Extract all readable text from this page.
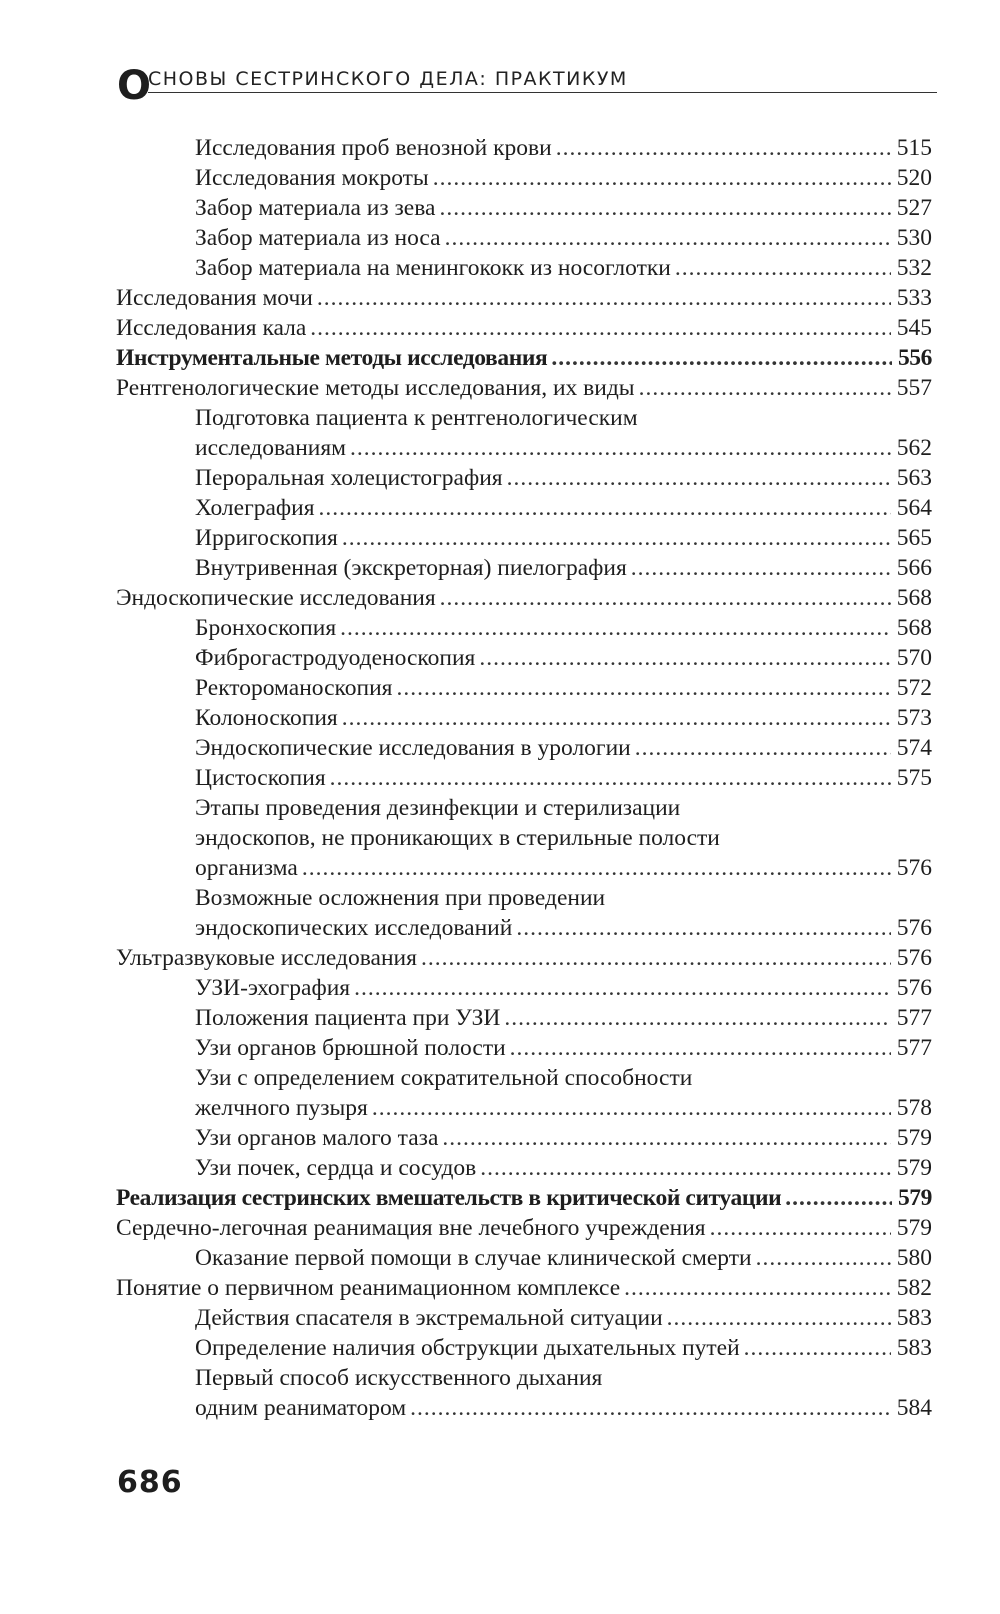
О
СНОВЫ СЕСТРИНСКОГО ДЕЛА: ПРАКТИКУМ
Исследования проб венозной крови .....	515
Исследования мокроты .....	520
Забор материала из зева .....	527
Забор материала из носа .....	530
Забор материала на менингококк из носоглотки .....	532
Исследования мочи .....	533
Исследования кала .....	545
Инструментальные методы исследования .....	556
Рентгенологические методы исследования, их виды .....	557
Подготовка пациента к рентгенологическим
исследованиям .....	562
Пероральная холецистография .....	563
Холеграфия .....	564
Ирригоскопия .....	565
Внутривенная (экскреторная) пиелография .....	566
Эндоскопические исследования .....	568
Бронхоскопия .....	568
Фиброгастродуоденоскопия .....	570
Ректороманоскопия .....	572
Колоноскопия .....	573
Эндоскопические исследования в урологии .....	574
Цистоскопия .....	575
Этапы проведения дезинфекции и стерилизации
эндоскопов, не проникающих в стерильные полости
организма .....	576
Возможные осложнения при проведении
эндоскопических исследований .....	576
Ультразвуковые исследования .....	576
УЗИ-эхография .....	576
Положения пациента при УЗИ .....	577
Узи органов брюшной полости .....	577
Узи с определением сократительной способности
желчного пузыря .....	578
Узи органов малого таза .....	579
Узи почек, сердца и сосудов .....	579
Реализация сестринских вмешательств в критической ситуации .....	579
Сердечно-легочная реанимация вне лечебного учреждения .....	579
Оказание первой помощи в случае клинической смерти .....	580
Понятие о первичном реанимационном комплексе .....	582
Действия спасателя в экстремальной ситуации .....	583
Определение наличия обструкции дыхательных путей .....	583
Первый способ искусственного дыхания
одним реаниматором .....	584
686
